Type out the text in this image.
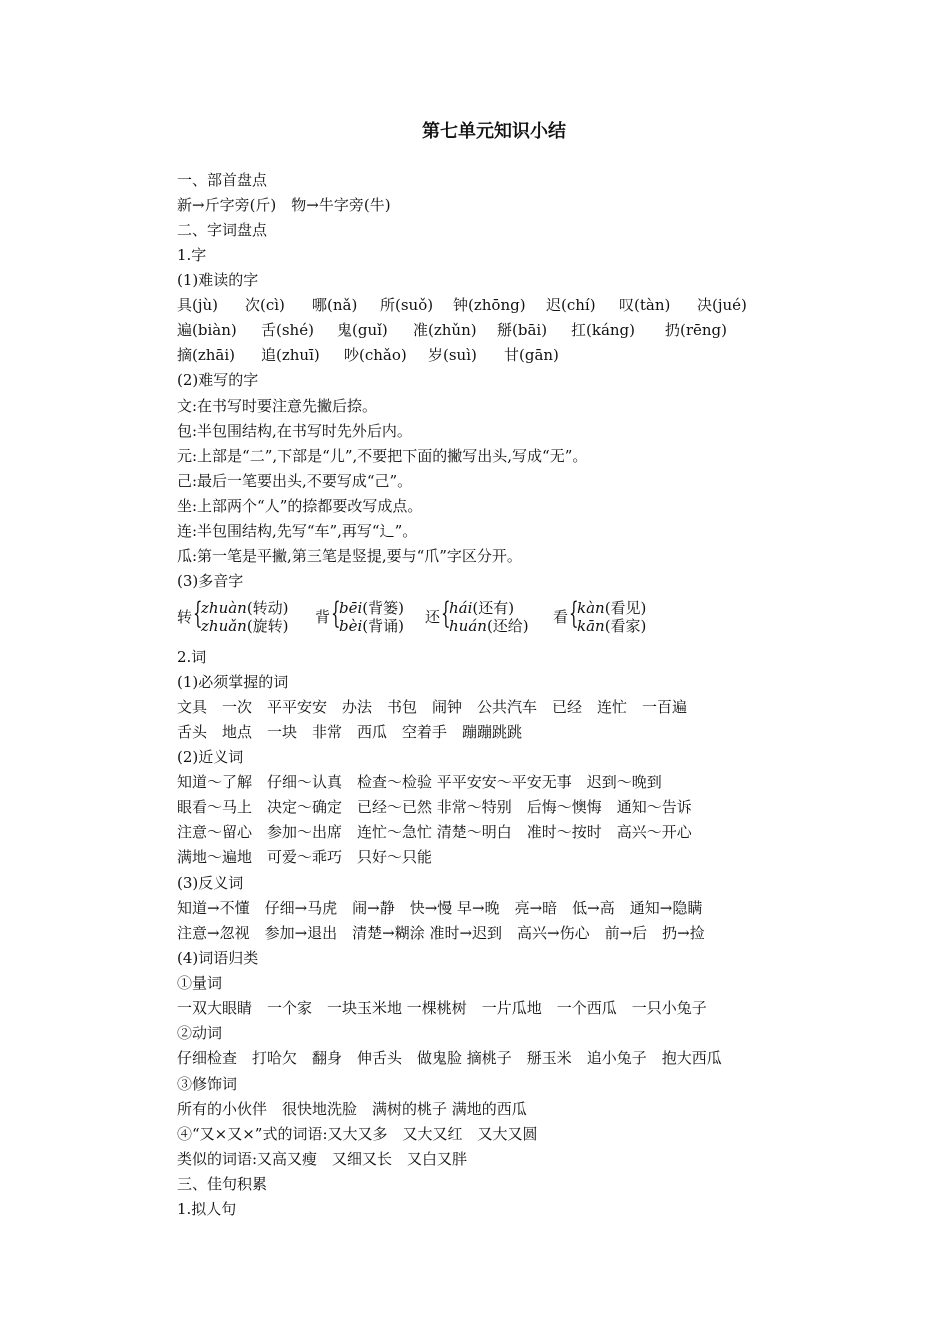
第七单元知识小结
一、部首盘点
新→斤字旁(斤)　物→牛字旁(牛)
二、字词盘点
1.字
(1)难读的字
具(jù) 次(cì) 哪(nǎ) 所(suǒ) 钟(zhōng) 迟(chí) 叹(tàn) 决(jué)
遍(biàn) 舌(shé) 鬼(guǐ) 准(zhǔn) 掰(bāi) 扛(káng) 扔(rēng)
摘(zhāi) 追(zhuī) 吵(chǎo) 岁(suì) 甘(gān)
(2)难写的字
文:在书写时要注意先撇后捺。
包:半包围结构,在书写时先外后内。
元:上部是“二”,下部是“儿”,不要把下面的撇写出头,写成“无”。
己:最后一笔要出头,不要写成“己”。
坐:上部两个“人”的捺都要改写成点。
连:半包围结构,先写“车”,再写“辶”。
瓜:第一笔是平撇,第三笔是竖提,要与“爪”字区分开。
(3)多音字
转 {
zhuàn(转动)
zhuǎn(旋转) 背 {
bēi(背篓)
bèi(背诵) 还 {
hái(还有)
huán(还给) 看 {
kàn(看见)
kān(看家)
2.词
(1)必须掌握的词
文具　一次　平平安安　办法　书包　闹钟　公共汽车　已经　连忙　一百遍
舌头　地点　一块　非常　西瓜　空着手　蹦蹦跳跳
(2)近义词
知道～了解　仔细～认真　检查～检验 平平安安～平安无事　迟到～晚到
眼看～马上　决定～确定　已经～已然 非常～特别　后悔～懊悔　通知～告诉
注意～留心　参加～出席　连忙～急忙 清楚～明白　准时～按时　高兴～开心
满地～遍地　可爱～乖巧　只好～只能
(3)反义词
知道→不懂　仔细→马虎　闹→静　快→慢 早→晚　亮→暗　低→高　通知→隐瞒
注意→忽视　参加→退出　清楚→糊涂 准时→迟到　高兴→伤心　前→后　扔→捡
(4)词语归类
①量词
一双大眼睛　一个家　一块玉米地 一棵桃树　一片瓜地　一个西瓜　一只小兔子
②动词
仔细检查　打哈欠　翻身　伸舌头　做鬼脸 摘桃子　掰玉米　追小兔子　抱大西瓜
③修饰词
所有的小伙伴　很快地洗脸　满树的桃子 满地的西瓜
④“又×又×”式的词语:又大又多　又大又红　又大又圆
类似的词语:又高又瘦　又细又长　又白又胖
三、佳句积累
1.拟人句
